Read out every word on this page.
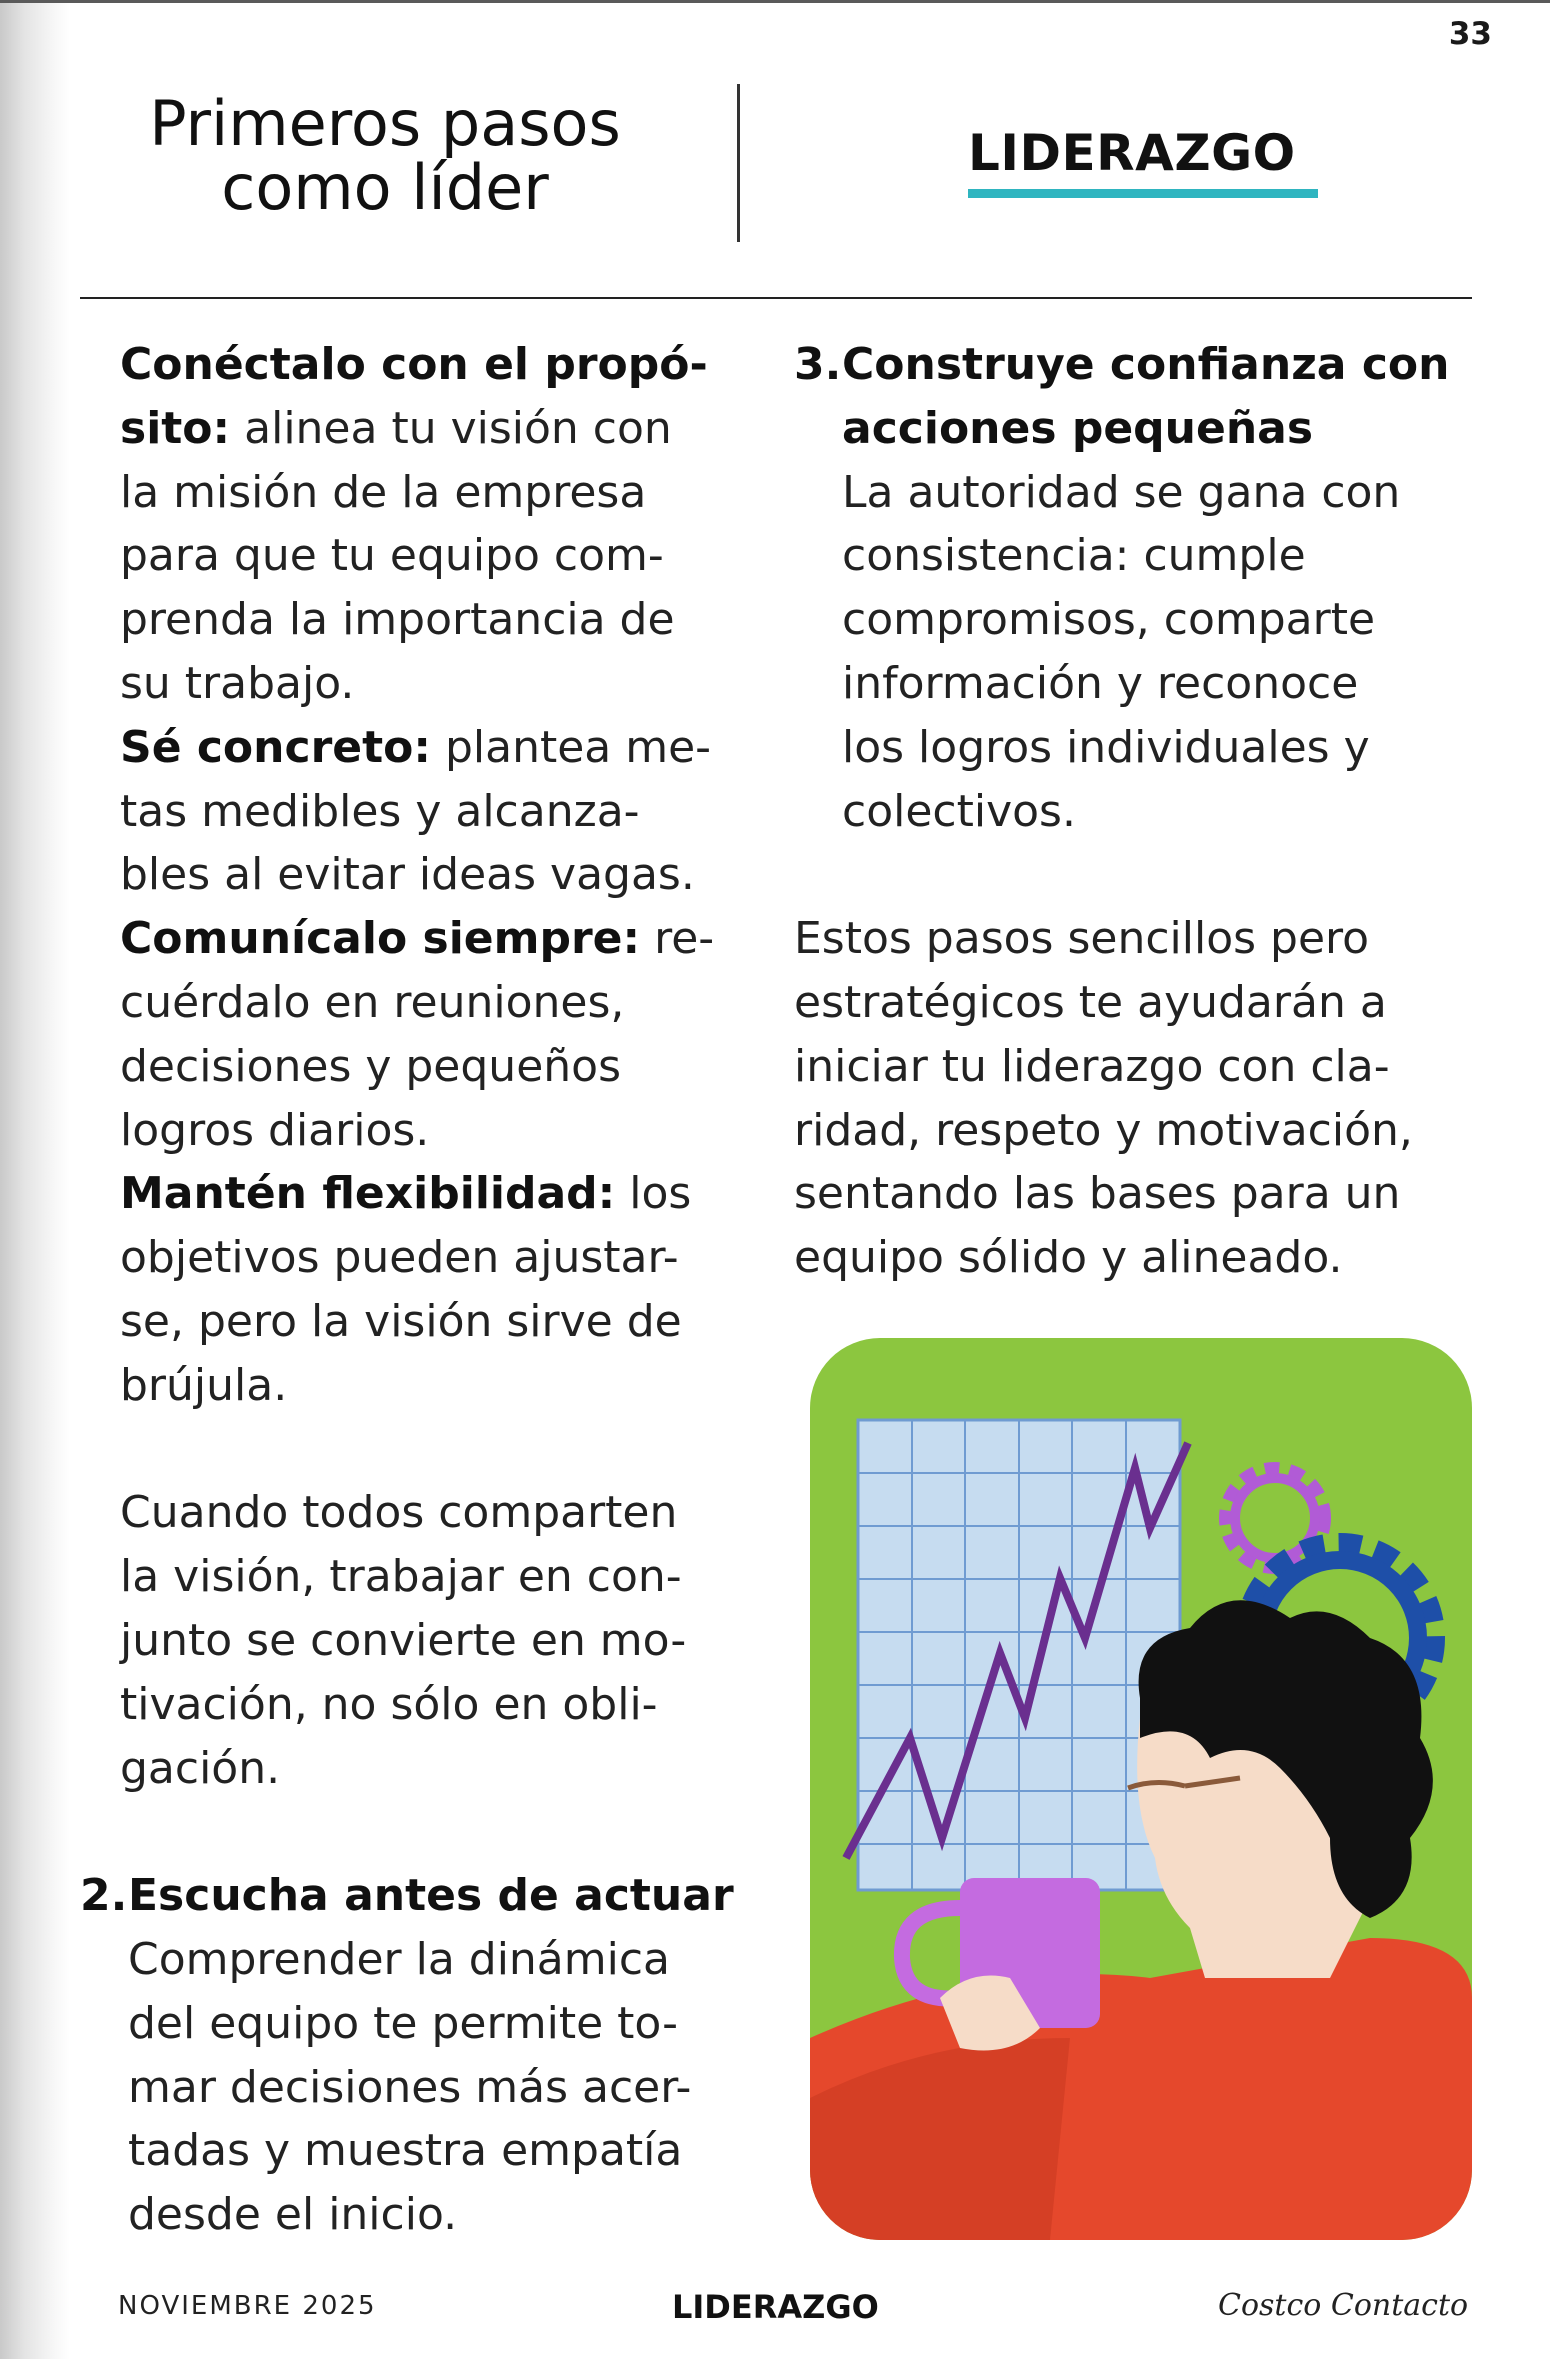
33
Primeros pasos
como líder	LIDERAZGO

Conéctalo con el propó-

sito: alinea tu visión con

la misión de la empresa

para que tu equipo com-

prenda la importancia de

su trabajo.

Sé concreto: plantea me-

tas medibles y alcanza-

bles al evitar ideas vagas.

Comunícalo siempre: re-

cuérdalo en reuniones,

decisiones y pequeños

logros diarios.

Mantén flexibilidad: los

objetivos pueden ajustar-

se, pero la visión sirve de

brújula.

Cuando todos comparten

la visión, trabajar en con-

junto se convierte en mo-

tivación, no sólo en obli-

gación.

2. Escucha antes de actuar

Comprender la dinámica

del equipo te permite to-

mar decisiones más acer-

tadas y muestra empatía

desde el inicio.

3. Construye confianza con

acciones pequeñas

La autoridad se gana con

consistencia: cumple

compromisos, comparte

información y reconoce

los logros individuales y

colectivos.

Estos pasos sencillos pero

estratégicos te ayudarán a

iniciar tu liderazgo con cla-

ridad, respeto y motivación,

sentando las bases para un

equipo sólido y alineado.

NOVIEMBRE 2025	LIDERAZGO	Costco Contacto
